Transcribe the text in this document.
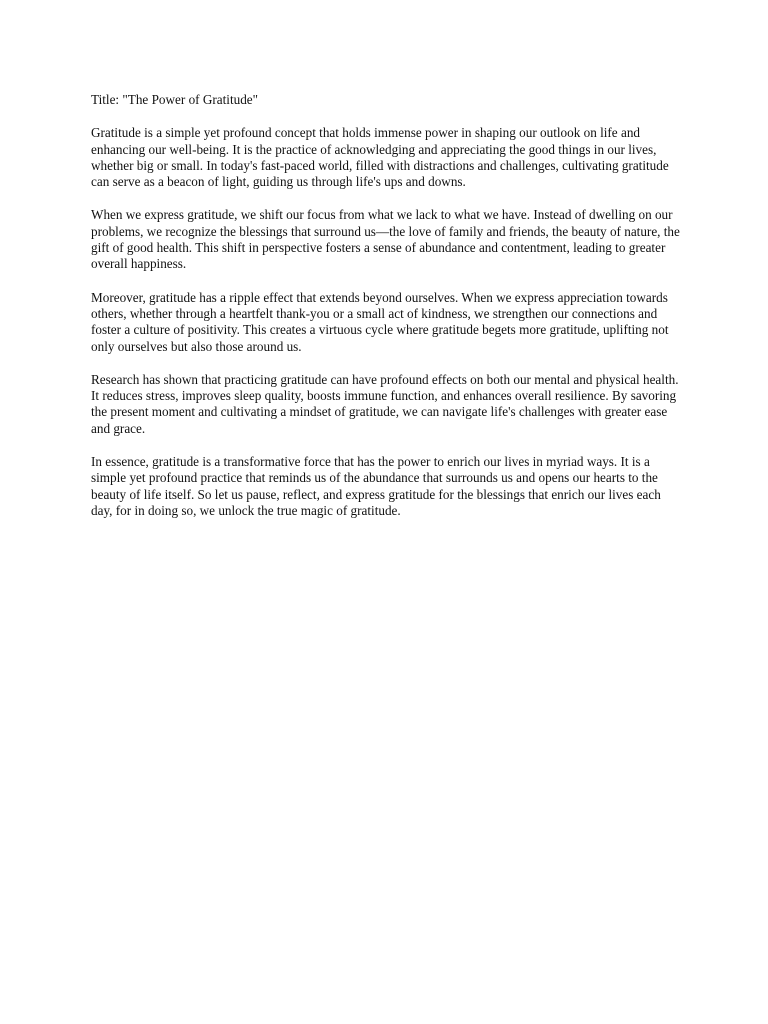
Title: "The Power of Gratitude"

Gratitude is a simple yet profound concept that holds immense power in shaping our outlook on life and enhancing our well-being. It is the practice of acknowledging and appreciating the good things in our lives, whether big or small. In today's fast-paced world, filled with distractions and challenges, cultivating gratitude can serve as a beacon of light, guiding us through life's ups and downs.

When we express gratitude, we shift our focus from what we lack to what we have. Instead of dwelling on our problems, we recognize the blessings that surround us—the love of family and friends, the beauty of nature, the gift of good health. This shift in perspective fosters a sense of abundance and contentment, leading to greater overall happiness.

Moreover, gratitude has a ripple effect that extends beyond ourselves. When we express appreciation towards others, whether through a heartfelt thank-you or a small act of kindness, we strengthen our connections and foster a culture of positivity. This creates a virtuous cycle where gratitude begets more gratitude, uplifting not only ourselves but also those around us.

Research has shown that practicing gratitude can have profound effects on both our mental and physical health. It reduces stress, improves sleep quality, boosts immune function, and enhances overall resilience. By savoring the present moment and cultivating a mindset of gratitude, we can navigate life's challenges with greater ease and grace.

In essence, gratitude is a transformative force that has the power to enrich our lives in myriad ways. It is a simple yet profound practice that reminds us of the abundance that surrounds us and opens our hearts to the beauty of life itself. So let us pause, reflect, and express gratitude for the blessings that enrich our lives each day, for in doing so, we unlock the true magic of gratitude.
